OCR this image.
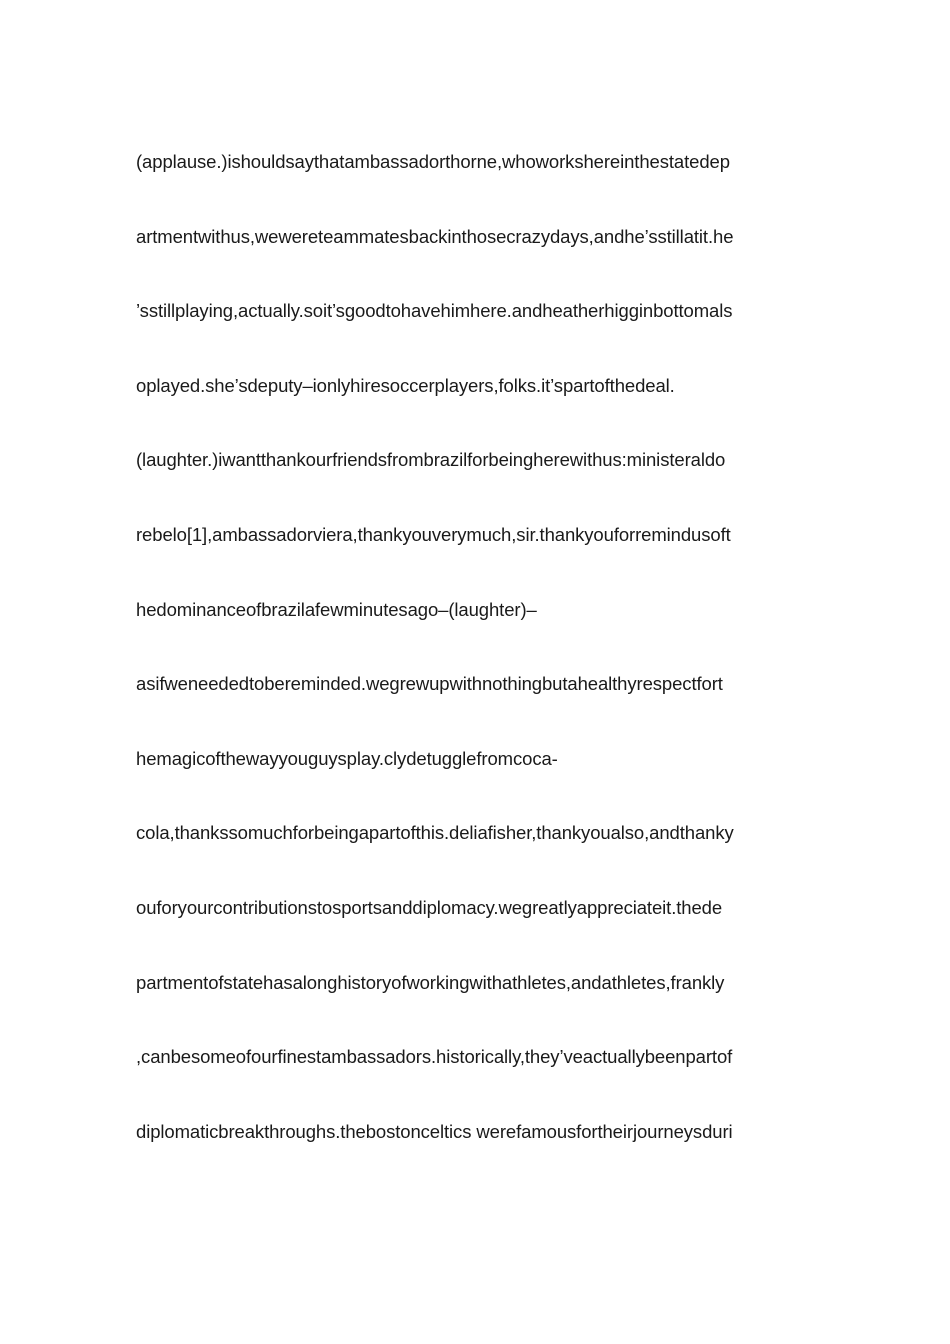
(applause.)ishouldsaythatambassadorthorne,whoworkshereinthestatedep
artmentwithus,wewereteammatesbackinthosecrazydays,andhe’sstillatit.he
’sstillplaying,actually.soit’sgoodtohavehimhere.andheatherhigginbottomals
oplayed.she’sdeputy–ionlyhiresoccerplayers,folks.it’spartofthedeal.
(laughter.)iwantthankourfriendsfrombrazilforbeingherewithus:ministeraldo
rebelo[1],ambassadorviera,thankyouverymuch,sir.thankyouforremindusoft
hedominanceofbrazilafewminutesago–(laughter)–
asifweneededtobereminded.wegrewupwithnothingbutahealthyrespectfort
hemagicofthewayyouguysplay.clydetugglefromcoca-
cola,thankssomuchforbeingapartofthis.deliafisher,thankyoualso,andthanky
ouforyourcontributionstosportsanddiplomacy.wegreatlyappreciateit.thede
partmentofstatehasalonghistoryofworkingwithathletes,andathletes,frankly
,canbesomeofourfinestambassadors.historically,they’veactuallybeenpartof
diplomaticbreakthroughs.thebostonceltics werefamousfortheirjourneysduri
